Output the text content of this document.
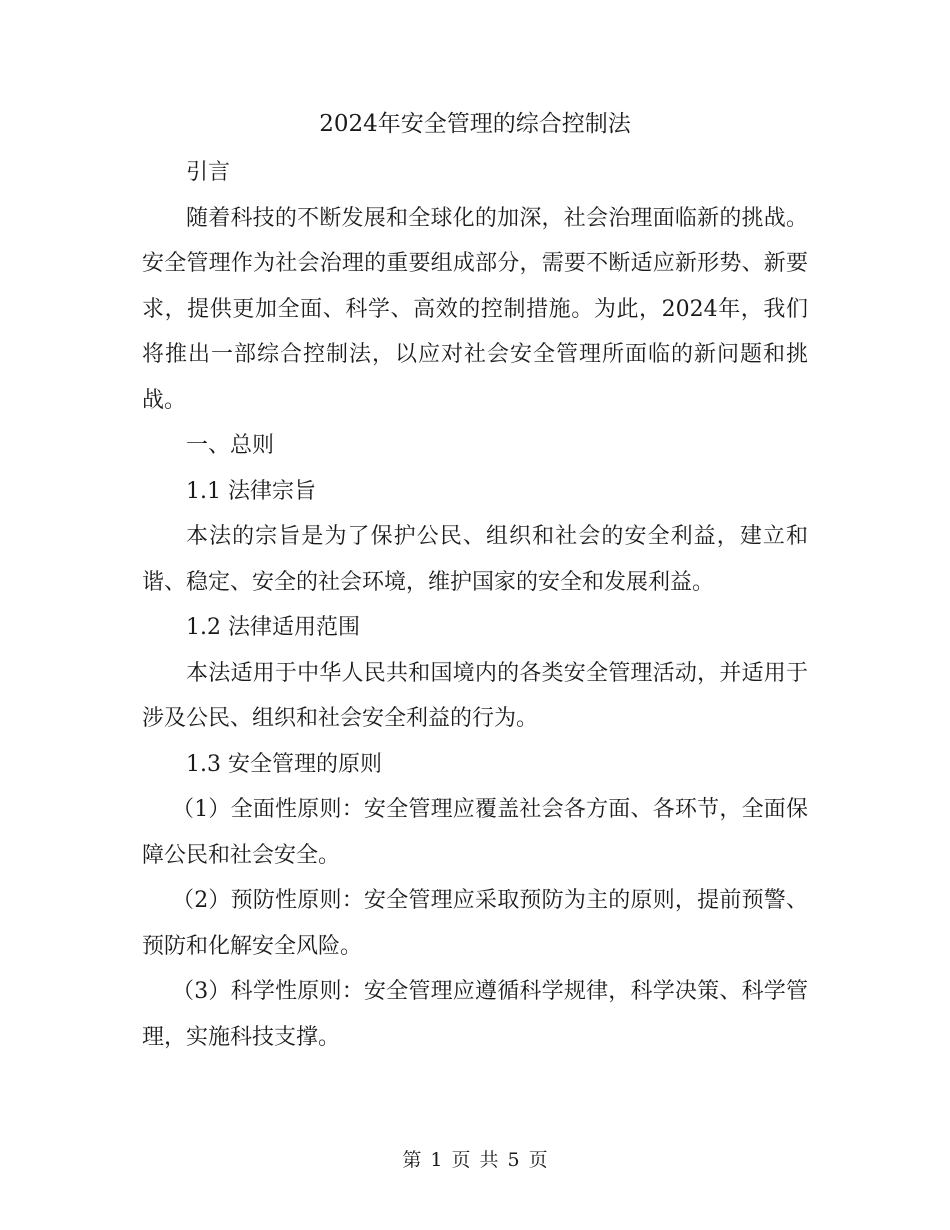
2024年安全管理的综合控制法

引言

随着科技的不断发展和全球化的加深，社会治理面临新的挑战。安全管理作为社会治理的重要组成部分，需要不断适应新形势、新要求，提供更加全面、科学、高效的控制措施。为此，2024年，我们将推出一部综合控制法，以应对社会安全管理所面临的新问题和挑战。

一、总则

1.1 法律宗旨

本法的宗旨是为了保护公民、组织和社会的安全利益，建立和谐、稳定、安全的社会环境，维护国家的安全和发展利益。

1.2 法律适用范围

本法适用于中华人民共和国境内的各类安全管理活动，并适用于涉及公民、组织和社会安全利益的行为。

1.3 安全管理的原则

（1）全面性原则：安全管理应覆盖社会各方面、各环节，全面保障公民和社会安全。

（2）预防性原则：安全管理应采取预防为主的原则，提前预警、预防和化解安全风险。

（3）科学性原则：安全管理应遵循科学规律，科学决策、科学管理，实施科技支撑。

第 1 页 共 5 页
